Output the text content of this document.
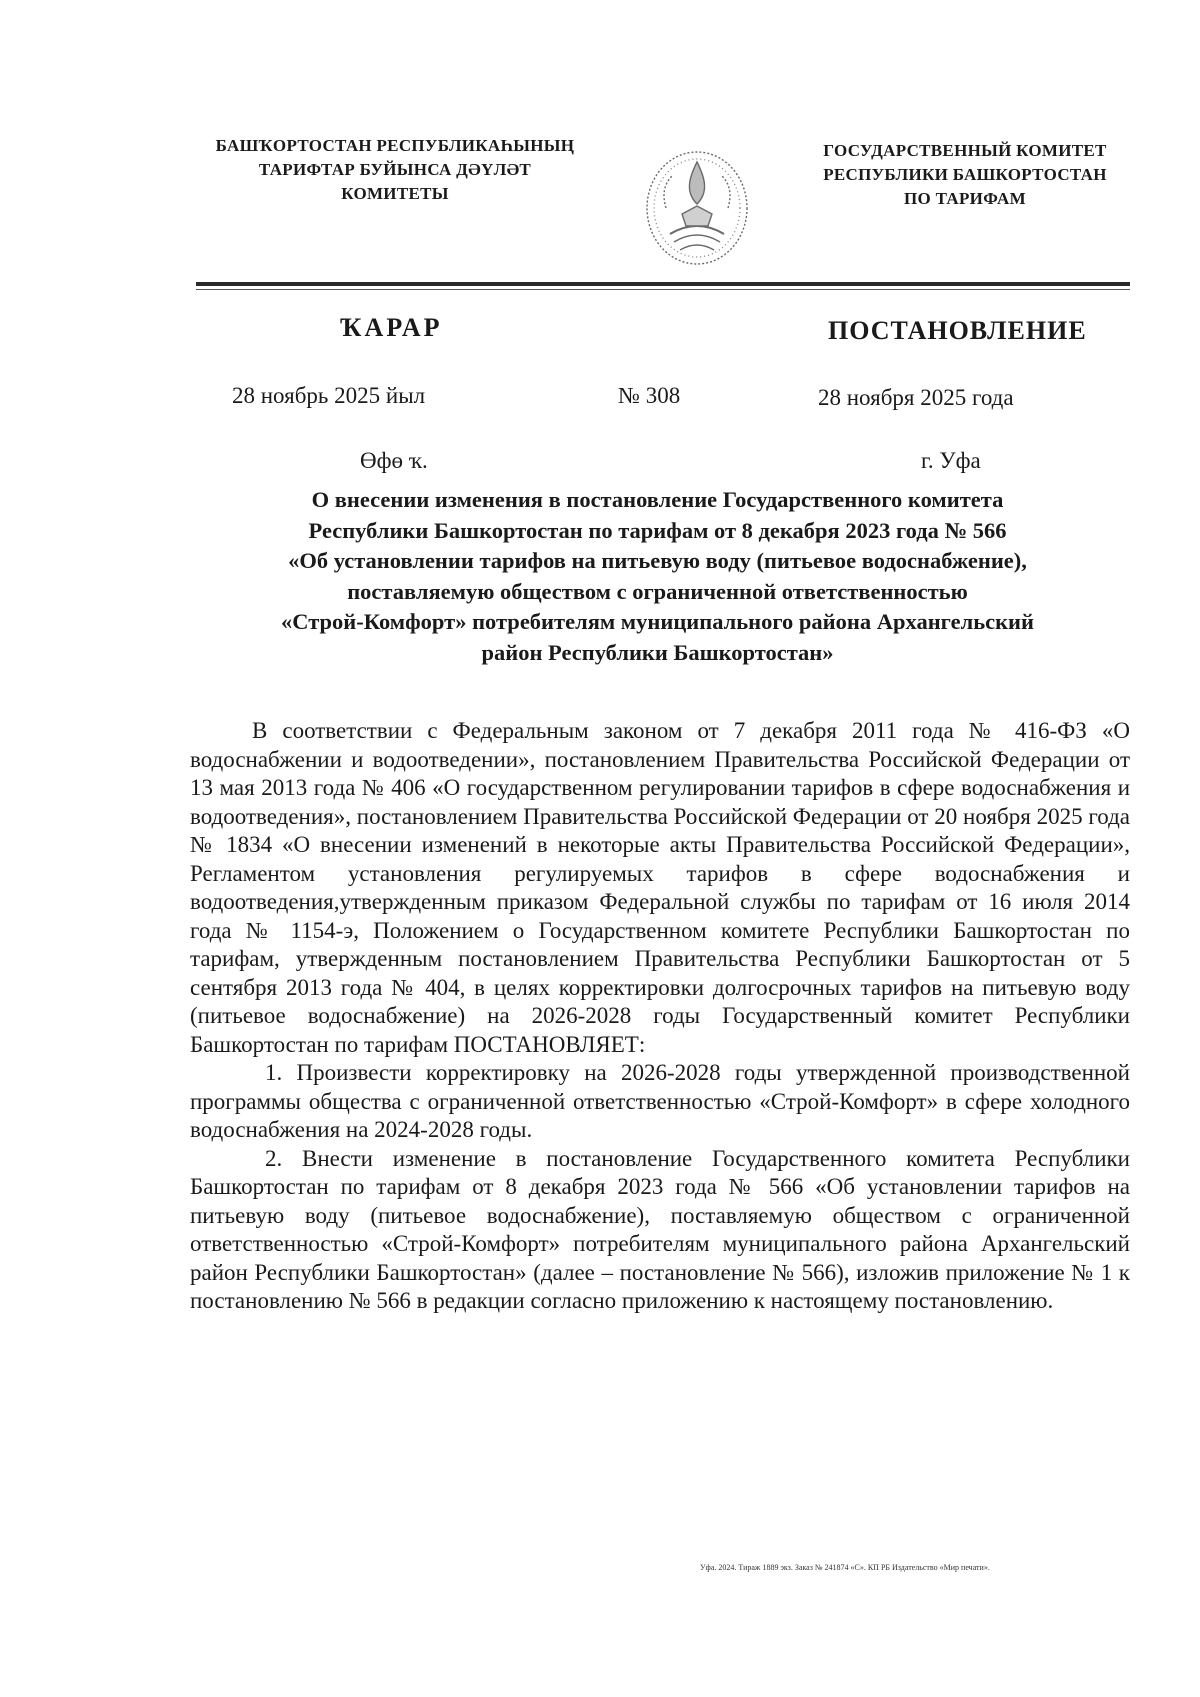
БАШҠОРТОСТАН РЕСПУБЛИКАҺЫНЫҢ
ТАРИФТАР БУЙЫНСА ДӘҮЛӘТ
КОМИТЕТЫ
ГОСУДАРСТВЕННЫЙ КОМИТЕТ
РЕСПУБЛИКИ БАШКОРТОСТАН
ПО ТАРИФАМ
ҠАРАР	ПОСТАНОВЛЕНИЕ
28 ноябрь 2025 йыл	№ 308	28 ноября 2025 года
Өфө ҡ.	г. Уфа
О внесении изменения в постановление Государственного комитета
Республики Башкортостан по тарифам от 8 декабря 2023 года № 566
«Об установлении тарифов на питьевую воду (питьевое водоснабжение),
поставляемую обществом с ограниченной ответственностью
«Строй-Комфорт» потребителям муниципального района Архангельский
район Республики Башкортостан»

В соответствии с Федеральным законом от 7 декабря 2011 года № 416-ФЗ «О водоснабжении и водоотведении», постановлением Правительства Российской Федерации от 13 мая 2013 года № 406 «О государственном регулировании тарифов в сфере водоснабжения и водоотведения», постановлением Правительства Российской Федерации от 20 ноября 2025 года № 1834 «О внесении изменений в некоторые акты Правительства Российской Федерации», Регламентом установления регулируемых тарифов в сфере водоснабжения и водоотведения,утвержденным приказом Федеральной службы по тарифам от 16 июля 2014 года № 1154-э, Положением о Государственном комитете Республики Башкортостан по тарифам, утвержденным постановлением Правительства Республики Башкортостан от 5 сентября 2013 года № 404, в целях корректировки долгосрочных тарифов на питьевую воду (питьевое водоснабжение) на 2026-2028 годы Государственный комитет Республики Башкортостан по тарифам ПОСТАНОВЛЯЕТ:

1. Произвести корректировку на 2026-2028 годы утвержденной производственной программы общества с ограниченной ответственностью «Строй-Комфорт» в сфере холодного водоснабжения на 2024-2028 годы.

2. Внести изменение в постановление Государственного комитета Республики Башкортостан по тарифам от 8 декабря 2023 года № 566 «Об установлении тарифов на питьевую воду (питьевое водоснабжение), поставляемую обществом с ограниченной ответственностью «Строй-Комфорт» потребителям муниципального района Архангельский район Республики Башкортостан» (далее – постановление № 566), изложив приложение № 1 к постановлению № 566 в редакции согласно приложению к настоящему постановлению.

Уфа. 2024. Тираж 1889 экз. Заказ № 241874 «С». КП РБ Издательство «Мир печати».
